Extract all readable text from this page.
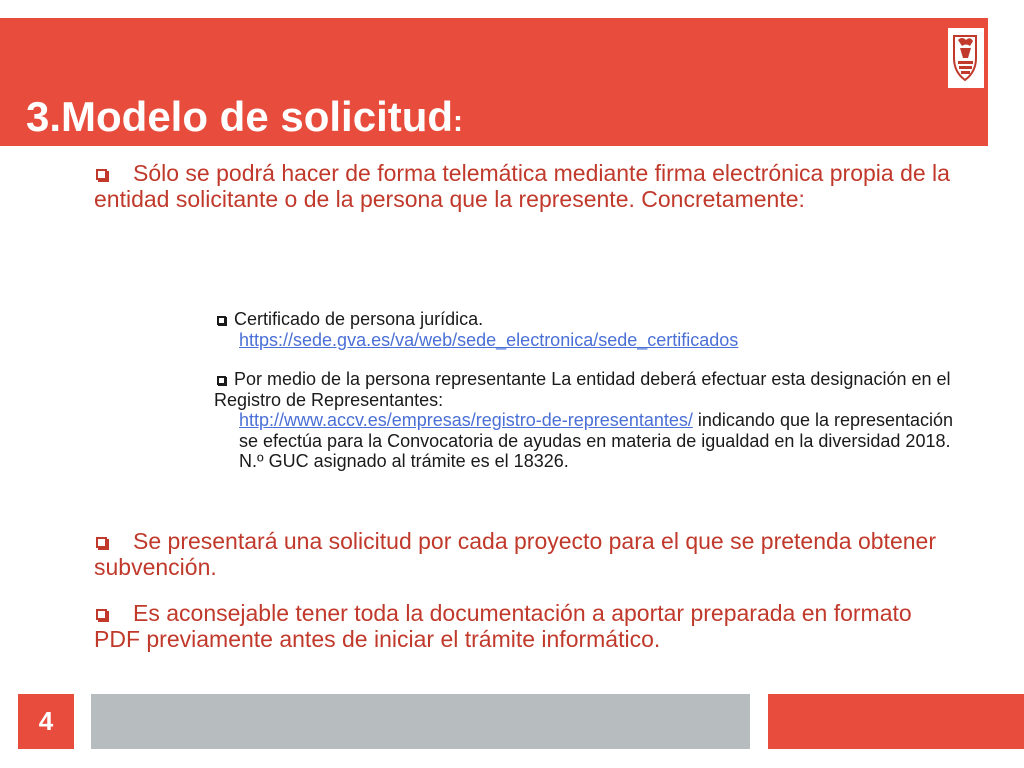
3.Modelo de solicitud:

Sólo se podrá hacer de forma telemática mediante firma electrónica propia de la entidad solicitante o de la persona que la represente. Concretamente:

Certificado de persona jurídica.
https://sede.gva.es/va/web/sede_electronica/sede_certificados

Por medio de la persona representante La entidad deberá efectuar esta designación en el Registro de Representantes:
http://www.accv.es/empresas/registro-de-representantes/ indicando que la representación se efectúa para la Convocatoria de ayudas en materia de igualdad en la diversidad 2018. N.º GUC asignado al trámite es el 18326.

Se presentará una solicitud por cada proyecto para el que se pretenda obtener subvención.

Es aconsejable tener toda la documentación a aportar preparada en formato PDF previamente antes de iniciar el trámite informático.

4
